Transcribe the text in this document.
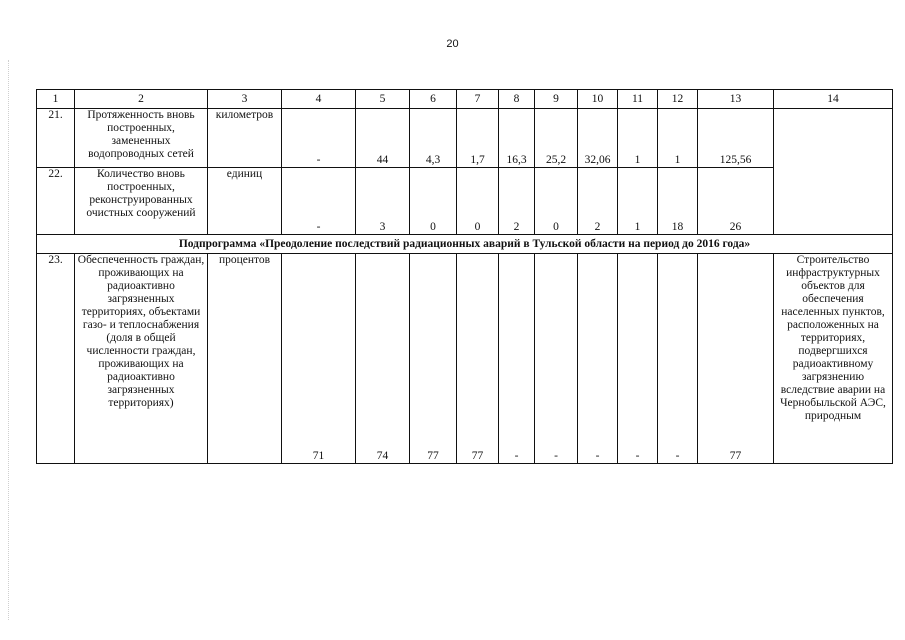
20
1	2	3	4	5	6	7	8	9	10	11	12	13	14
21.	Протяженность вновь построенных, замененных водопроводных сетей	километров	-	44	4,3	1,7	16,3	25,2	32,06	1	1	125,56	
22.	Количество вновь построенных, реконструированных очистных сооружений	единиц	-	3	0	0	2	0	2	1	18	26	
Подпрограмма «Преодоление последствий радиационных аварий в Тульской области на период до 2016 года»													
23.	Обеспеченность граждан, проживающих на радиоактивно загрязненных территориях, объектами газо- и теплоснабжения (доля в общей численности граждан, проживающих на радиоактивно загрязненных территориях)	процентов	71	74	77	77	-	-	-	-	-	77	Строительство инфраструктурных объектов для обеспечения населенных пунктов, расположенных на территориях, подвергшихся радиоактивному загрязнению вследствие аварии на Чернобыльской АЭС, природным
